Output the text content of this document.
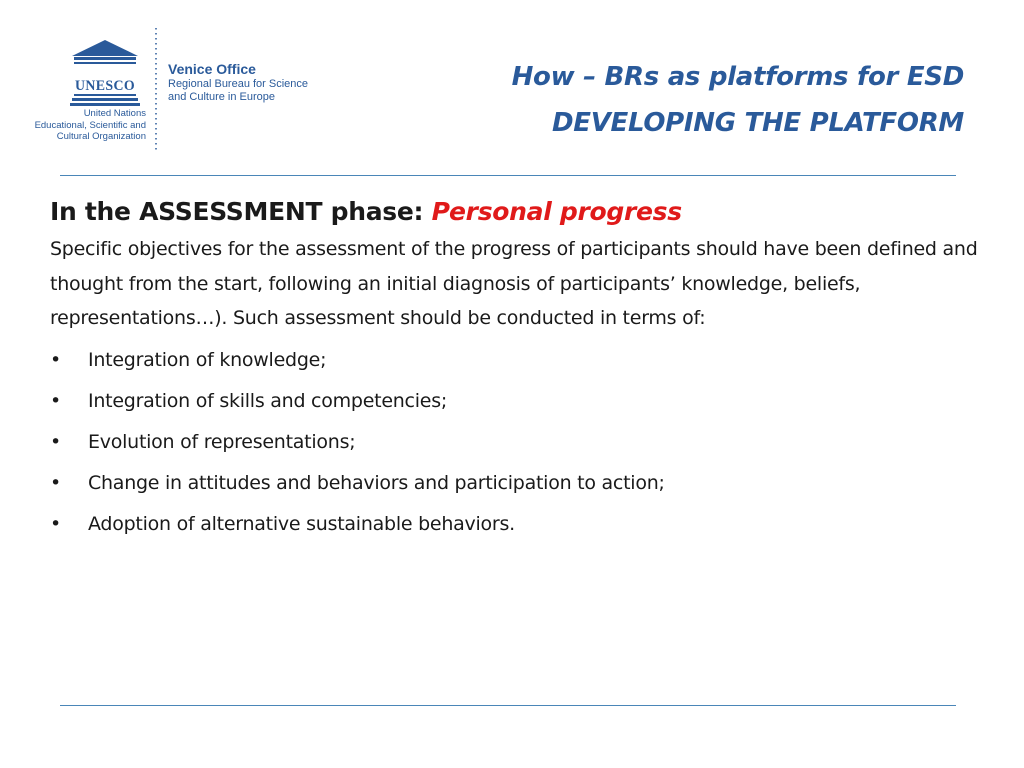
UNESCO
United Nations
Educational, Scientific and
Cultural Organization
Venice Office
Regional Bureau for Science
and Culture in Europe
How – BRs as platforms for ESD
DEVELOPING THE PLATFORM
In the ASSESSMENT phase: Personal progress

Specific objectives for the assessment of the progress of participants should have been defined and thought from the start, following an initial diagnosis of participants’ knowledge, beliefs, representations…). Such assessment should be conducted in terms of:

• Integration of knowledge;
• Integration of skills and competencies;
• Evolution of representations;
• Change in attitudes and behaviors and participation to action;
• Adoption of alternative sustainable behaviors.
